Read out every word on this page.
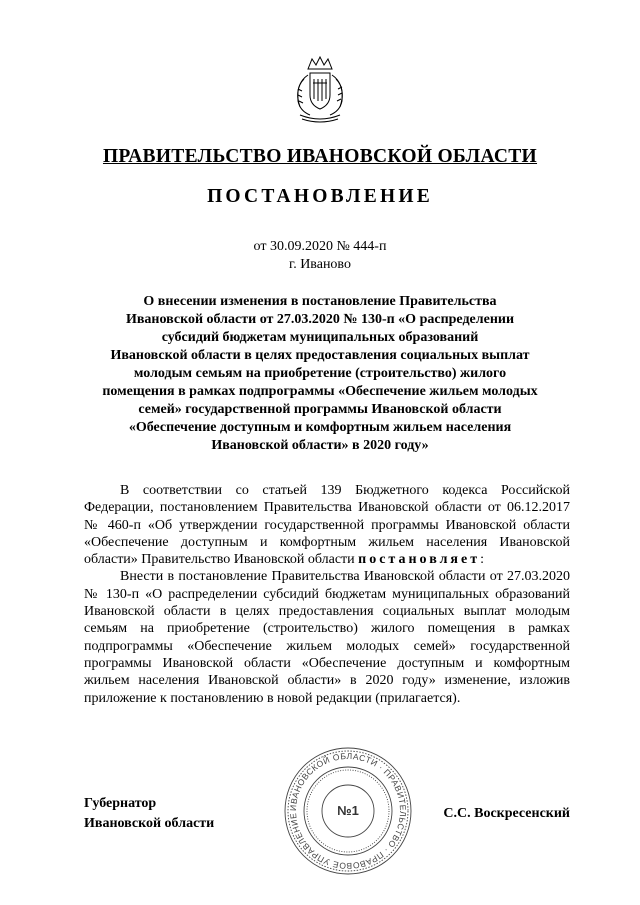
ПРАВИТЕЛЬСТВО ИВАНОВСКОЙ ОБЛАСТИ
ПОСТАНОВЛЕНИЕ
от 30.09.2020 № 444-п
г. Иваново
О внесении изменения в постановление Правительства
Ивановской области от 27.03.2020 № 130-п «О распределении
субсидий бюджетам муниципальных образований
Ивановской области в целях предоставления социальных выплат
молодым семьям на приобретение (строительство) жилого
помещения в рамках подпрограммы «Обеспечение жильем молодых
семей» государственной программы Ивановской области
«Обеспечение доступным и комфортным жильем населения
Ивановской области» в 2020 году»

В соответствии со статьей 139 Бюджетного кодекса Российской Федерации, постановлением Правительства Ивановской области от 06.12.2017 № 460-п «Об утверждении государственной программы Ивановской области «Обеспечение доступным и комфортным жильем населения Ивановской области» Правительство Ивановской области постановляет:

Внести в постановление Правительства Ивановской области от 27.03.2020 № 130-п «О распределении субсидий бюджетам муниципальных образований Ивановской области в целях предоставления социальных выплат молодым семьям на приобретение (строительство) жилого помещения в рамках подпрограммы «Обеспечение жильем молодых семей» государственной программы Ивановской области «Обеспечение доступным и комфортным жильем населения Ивановской области» в 2020 году» изменение, изложив приложение к постановлению в новой редакции (прилагается).

Губернатор
Ивановской области
ИВАНОВСКОЙ ОБЛАСТИ · ПРАВИТЕЛЬСТВО · ПРАВОВОЕ УПРАВЛЕНИЕ	№1	С.С. Воскресенский
